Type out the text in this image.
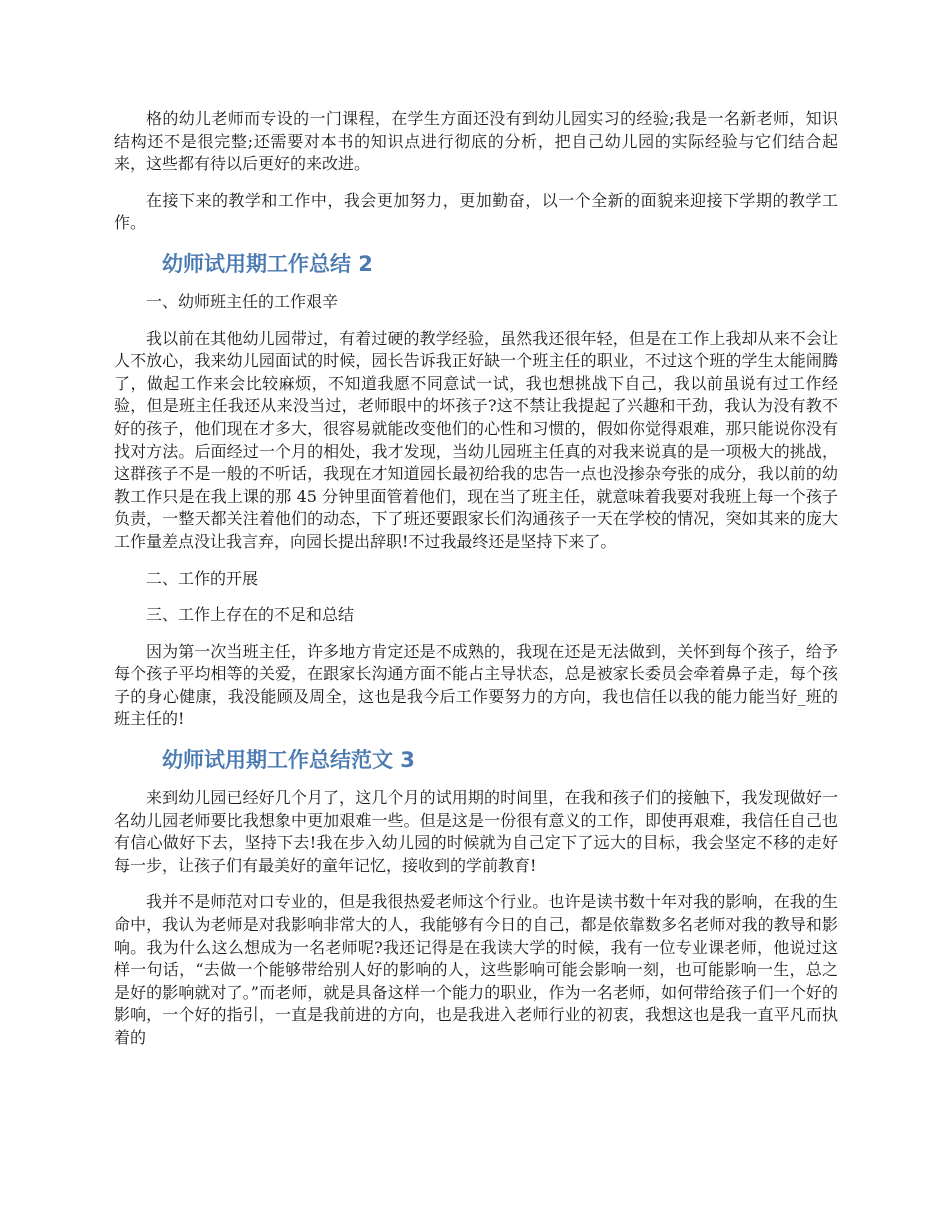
格的幼儿老师而专设的一门课程，在学生方面还没有到幼儿园实习的经验;我是一名新老师，知识结构还不是很完整;还需要对本书的知识点进行彻底的分析，把自己幼儿园的实际经验与它们结合起来，这些都有待以后更好的来改进。

在接下来的教学和工作中，我会更加努力，更加勤奋，以一个全新的面貌来迎接下学期的教学工作。

幼师试用期工作总结 2

一、幼师班主任的工作艰辛

我以前在其他幼儿园带过，有着过硬的教学经验，虽然我还很年轻，但是在工作上我却从来不会让人不放心，我来幼儿园面试的时候，园长告诉我正好缺一个班主任的职业，不过这个班的学生太能闹腾了，做起工作来会比较麻烦，不知道我愿不同意试一试，我也想挑战下自己，我以前虽说有过工作经验，但是班主任我还从来没当过，老师眼中的坏孩子?这不禁让我提起了兴趣和干劲，我认为没有教不好的孩子，他们现在才多大，很容易就能改变他们的心性和习惯的，假如你觉得艰难，那只能说你没有找对方法。后面经过一个月的相处，我才发现，当幼儿园班主任真的对我来说真的是一项极大的挑战，这群孩子不是一般的不听话，我现在才知道园长最初给我的忠告一点也没掺杂夸张的成分，我以前的幼教工作只是在我上课的那 45 分钟里面管着他们，现在当了班主任，就意味着我要对我班上每一个孩子负责，一整天都关注着他们的动态，下了班还要跟家长们沟通孩子一天在学校的情况，突如其来的庞大工作量差点没让我言弃，向园长提出辞职!不过我最终还是坚持下来了。

二、工作的开展

三、工作上存在的不足和总结

因为第一次当班主任，许多地方肯定还是不成熟的，我现在还是无法做到，关怀到每个孩子，给予每个孩子平均相等的关爱，在跟家长沟通方面不能占主导状态，总是被家长委员会牵着鼻子走，每个孩子的身心健康，我没能顾及周全，这也是我今后工作要努力的方向，我也信任以我的能力能当好_班的班主任的!

幼师试用期工作总结范文 3

来到幼儿园已经好几个月了，这几个月的试用期的时间里，在我和孩子们的接触下，我发现做好一名幼儿园老师要比我想象中更加艰难一些。但是这是一份很有意义的工作，即使再艰难，我信任自己也有信心做好下去，坚持下去!我在步入幼儿园的时候就为自己定下了远大的目标，我会坚定不移的走好每一步，让孩子们有最美好的童年记忆，接收到的学前教育!

我并不是师范对口专业的，但是我很热爱老师这个行业。也许是读书数十年对我的影响，在我的生命中，我认为老师是对我影响非常大的人，我能够有今日的自己，都是依靠数多名老师对我的教导和影响。我为什么这么想成为一名老师呢?我还记得是在我读大学的时候，我有一位专业课老师，他说过这样一句话，“去做一个能够带给别人好的影响的人，这些影响可能会影响一刻，也可能影响一生，总之是好的影响就对了。”而老师，就是具备这样一个能力的职业，作为一名老师，如何带给孩子们一个好的影响，一个好的指引，一直是我前进的方向，也是我进入老师行业的初衷，我想这也是我一直平凡而执着的
